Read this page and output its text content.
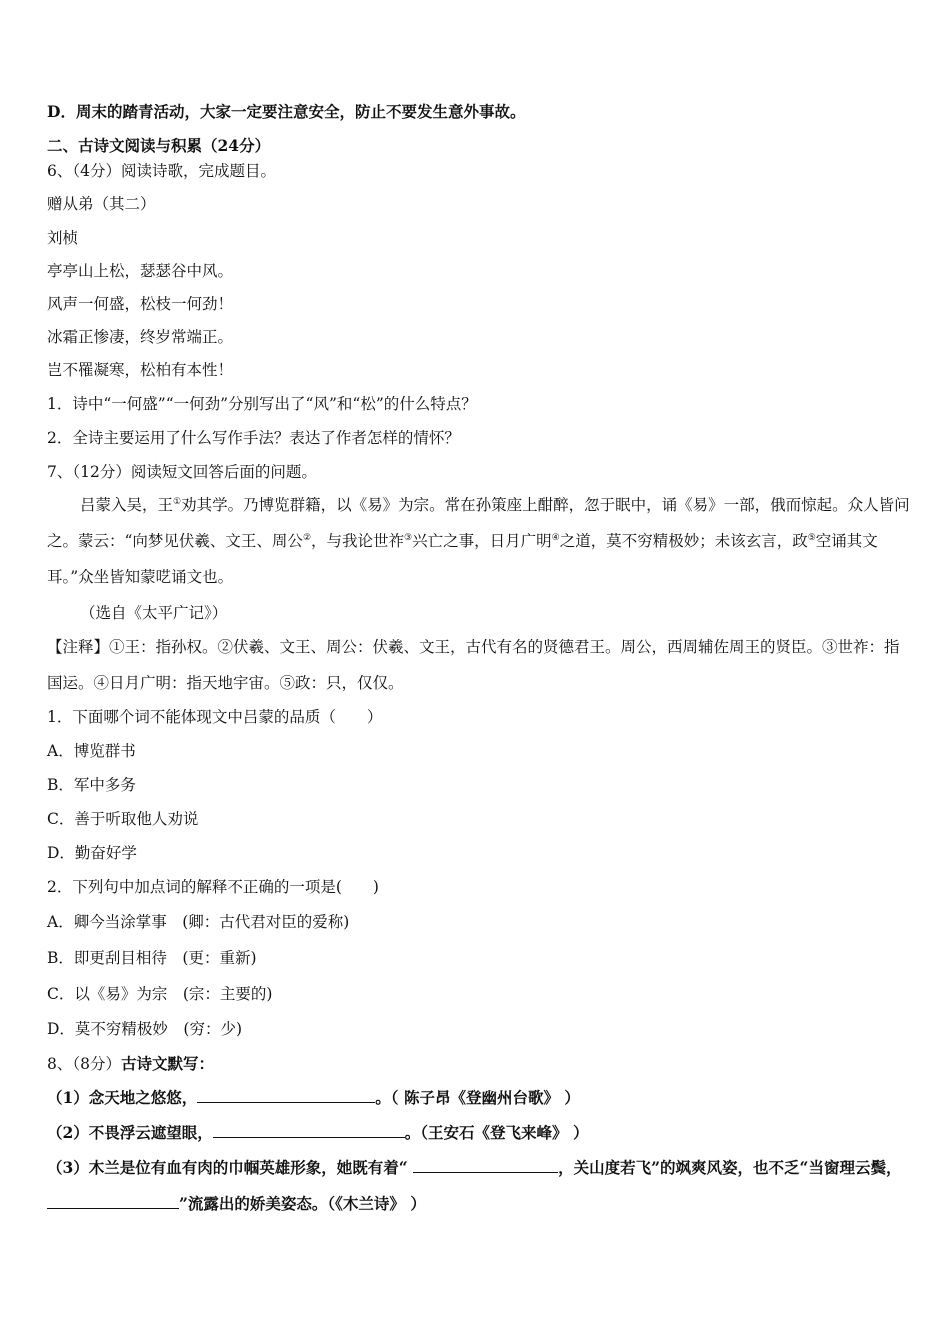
D．周末的踏青活动，大家一定要注意安全，防止不要发生意外事故。
二、古诗文阅读与积累（24分）
6、（4分）阅读诗歌，完成题目。
赠从弟（其二）
刘桢
亭亭山上松，瑟瑟谷中风。
风声一何盛，松枝一何劲！
冰霜正惨凄，终岁常端正。
岂不罹凝寒，松柏有本性！
1．诗中“一何盛”“一何劲”分别写出了“风”和“松”的什么特点？
2．全诗主要运用了什么写作手法？表达了作者怎样的情怀？
7、（12分）阅读短文回答后面的问题。
吕蒙入吴，王①劝其学。乃博览群籍，以《易》为宗。常在孙策座上酣醉，忽于眠中，诵《易》一部，俄而惊起。众人皆问之。蒙云：“向梦见伏羲、文王、周公②，与我论世祚③兴亡之事，日月广明④之道，莫不穷精极妙；未该玄言，政⑤空诵其文耳。”众坐皆知蒙呓诵文也。
（选自《太平广记》）
【注释】①王：指孙权。②伏羲、文王、周公：伏羲、文王，古代有名的贤德君王。周公，西周辅佐周王的贤臣。③世祚：指国运。④日月广明：指天地宇宙。⑤政：只，仅仅。
1．下面哪个词不能体现文中吕蒙的品质（　　）
A．博览群书
B．军中多务
C．善于听取他人劝说
D．勤奋好学
2．下列句中加点词的解释不正确的一项是(　　)
A．卿今当涂掌事　(卿：古代君对臣的爱称)
B．即更刮目相待　(更：重新)
C．以《易》为宗　(宗：主要的)
D．莫不穷精极妙　(穷：少)
8、（8分）古诗文默写：
（1）念天地之悠悠，	。（ 陈子昂《登幽州台歌》 ）
（2）不畏浮云遮望眼，	。（王安石《登飞来峰》 ）
（3）木兰是位有血有肉的巾帼英雄形象，她既有着“	，关山度若飞”的飒爽风姿，也不乏“当窗理云鬓，”流露出的娇美姿态。（《木兰诗》 ）
